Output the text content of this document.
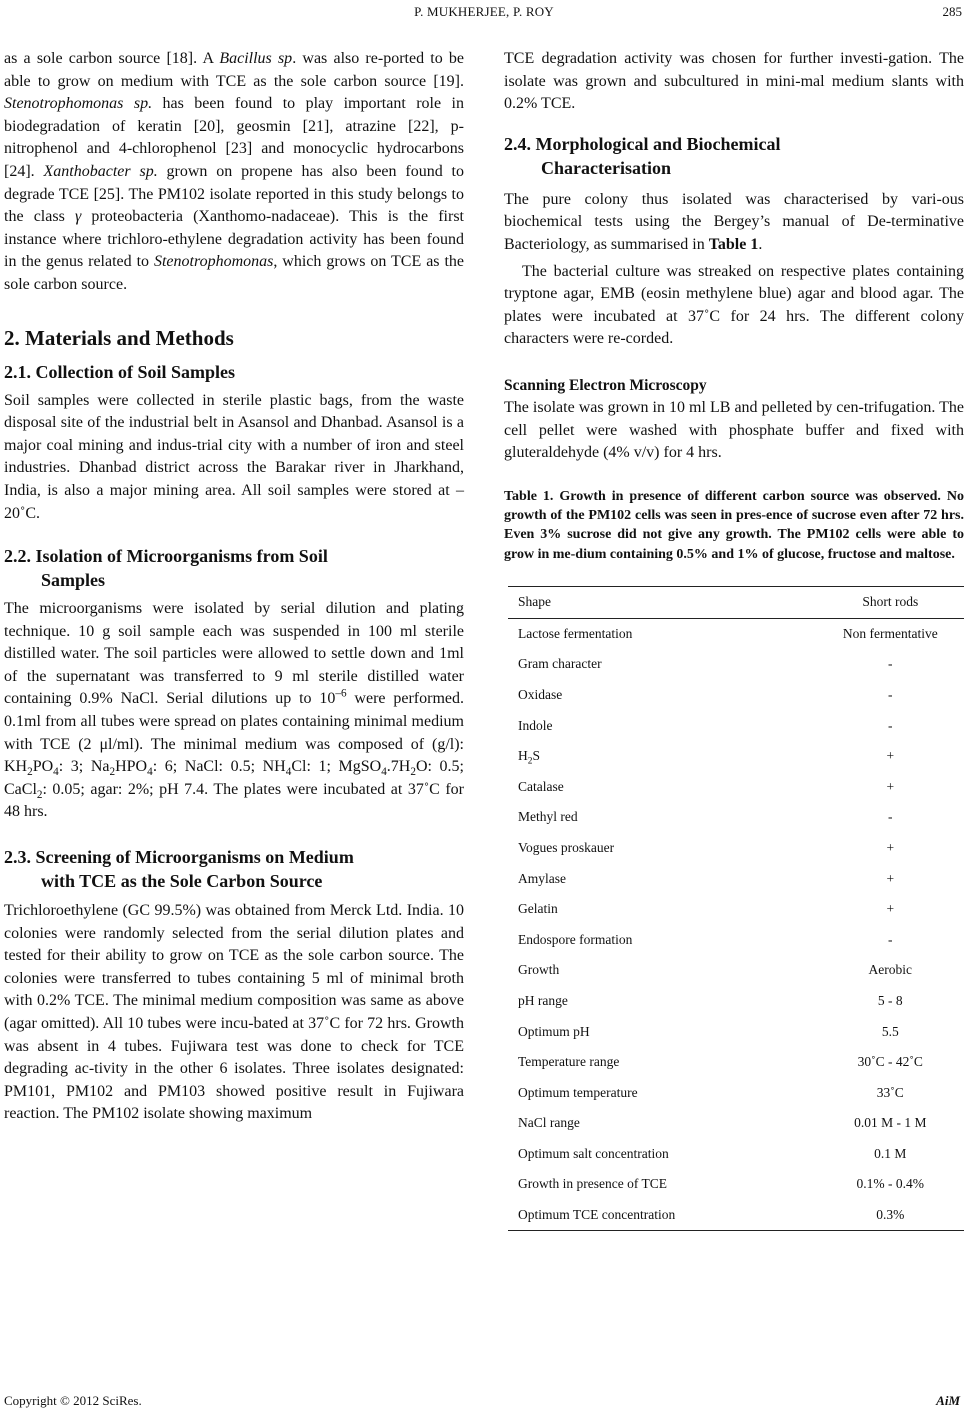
P. MUKHERJEE, P. ROY	285

as a sole carbon source [18]. A Bacillus sp. was also re-ported to be able to grow on medium with TCE as the sole carbon source [19]. Stenotrophomonas sp. has been found to play important role in biodegradation of keratin [20], geosmin [21], atrazine [22], p-nitrophenol and 4-chlorophenol [23] and monocyclic hydrocarbons [24]. Xanthobacter sp. grown on propene has also been found to degrade TCE [25]. The PM102 isolate reported in this study belongs to the class γ proteobacteria (Xanthomo-nadaceae). This is the first instance where trichloro-ethylene degradation activity has been found in the genus related to Stenotrophomonas, which grows on TCE as the sole carbon source.

2. Materials and Methods
2.1. Collection of Soil Samples

Soil samples were collected in sterile plastic bags, from the waste disposal site of the industrial belt in Asansol and Dhanbad. Asansol is a major coal mining and indus-trial city with a number of iron and steel industries. Dhanbad district across the Barakar river in Jharkhand, India, is also a major mining area. All soil samples were stored at –20˚C.

2.2. Isolation of Microorganisms from Soil
Samples

The microorganisms were isolated by serial dilution and plating technique. 10 g soil sample each was suspended in 100 ml sterile distilled water. The soil particles were allowed to settle down and 1ml of the supernatant was transferred to 9 ml sterile distilled water containing 0.9% NaCl. Serial dilutions up to $10^{-6}$ were performed. 0.1ml from all tubes were spread on plates containing minimal medium with TCE (2 μl/ml). The minimal medium was composed of (g/l): $KH_2PO_4$: 3; $Na_2HPO_4$: 6; NaCl: 0.5; $NH_4Cl$: 1; $MgSO_4.7H_2O$: 0.5; CaCl$_2$: 0.05; agar: 2%; pH 7.4. The plates were incubated at 37˚C for 48 hrs.

2.3. Screening of Microorganisms on Medium
with TCE as the Sole Carbon Source

Trichloroethylene (GC 99.5%) was obtained from Merck Ltd. India. 10 colonies were randomly selected from the serial dilution plates and tested for their ability to grow on TCE as the sole carbon source. The colonies were transferred to tubes containing 5 ml of minimal broth with 0.2% TCE. The minimal medium composition was same as above (agar omitted). All 10 tubes were incu-bated at 37˚C for 72 hrs. Growth was absent in 4 tubes. Fujiwara test was done to check for TCE degrading ac-tivity in the other 6 isolates. Three isolates designated: PM101, PM102 and PM103 showed positive result in Fujiwara reaction. The PM102 isolate showing maximum

TCE degradation activity was chosen for further investi-gation. The isolate was grown and subcultured in mini-mal medium slants with 0.2% TCE.

2.4. Morphological and Biochemical
Characterisation

The pure colony thus isolated was characterised by vari-ous biochemical tests using the Bergey’s manual of De-terminative Bacteriology, as summarised in Table 1.

The bacterial culture was streaked on respective plates containing tryptone agar, EMB (eosin methylene blue) agar and blood agar. The plates were incubated at 37˚C for 24 hrs. The different colony characters were re-corded.

Scanning Electron Microscopy

The isolate was grown in 10 ml LB and pelleted by cen-trifugation. The cell pellet were washed with phosphate buffer and fixed with gluteraldehyde (4% v/v) for 4 hrs.

Table 1. Growth in presence of different carbon source was observed. No growth of the PM102 cells was seen in pres-ence of sucrose even after 72 hrs. Even 3% sucrose did not give any growth. The PM102 cells were able to grow in me-dium containing 0.5% and 1% of glucose, fructose and maltose.

Shape	Short rods
Lactose fermentation	Non fermentative
Gram character	-
Oxidase	-
Indole	-
$H_2S$	+
Catalase	+
Methyl red	-
Vogues proskauer	+
Amylase	+
Gelatin	+
Endospore formation	-
Growth	Aerobic
pH range	5 - 8
Optimum pH	5.5
Temperature range	30˚C - 42˚C
Optimum temperature	33˚C
NaCl range	0.01 M - 1 M
Optimum salt concentration	0.1 M
Growth in presence of TCE	0.1% - 0.4%
Optimum TCE concentration	0.3%
Copyright © 2012 SciRes.	AiM
